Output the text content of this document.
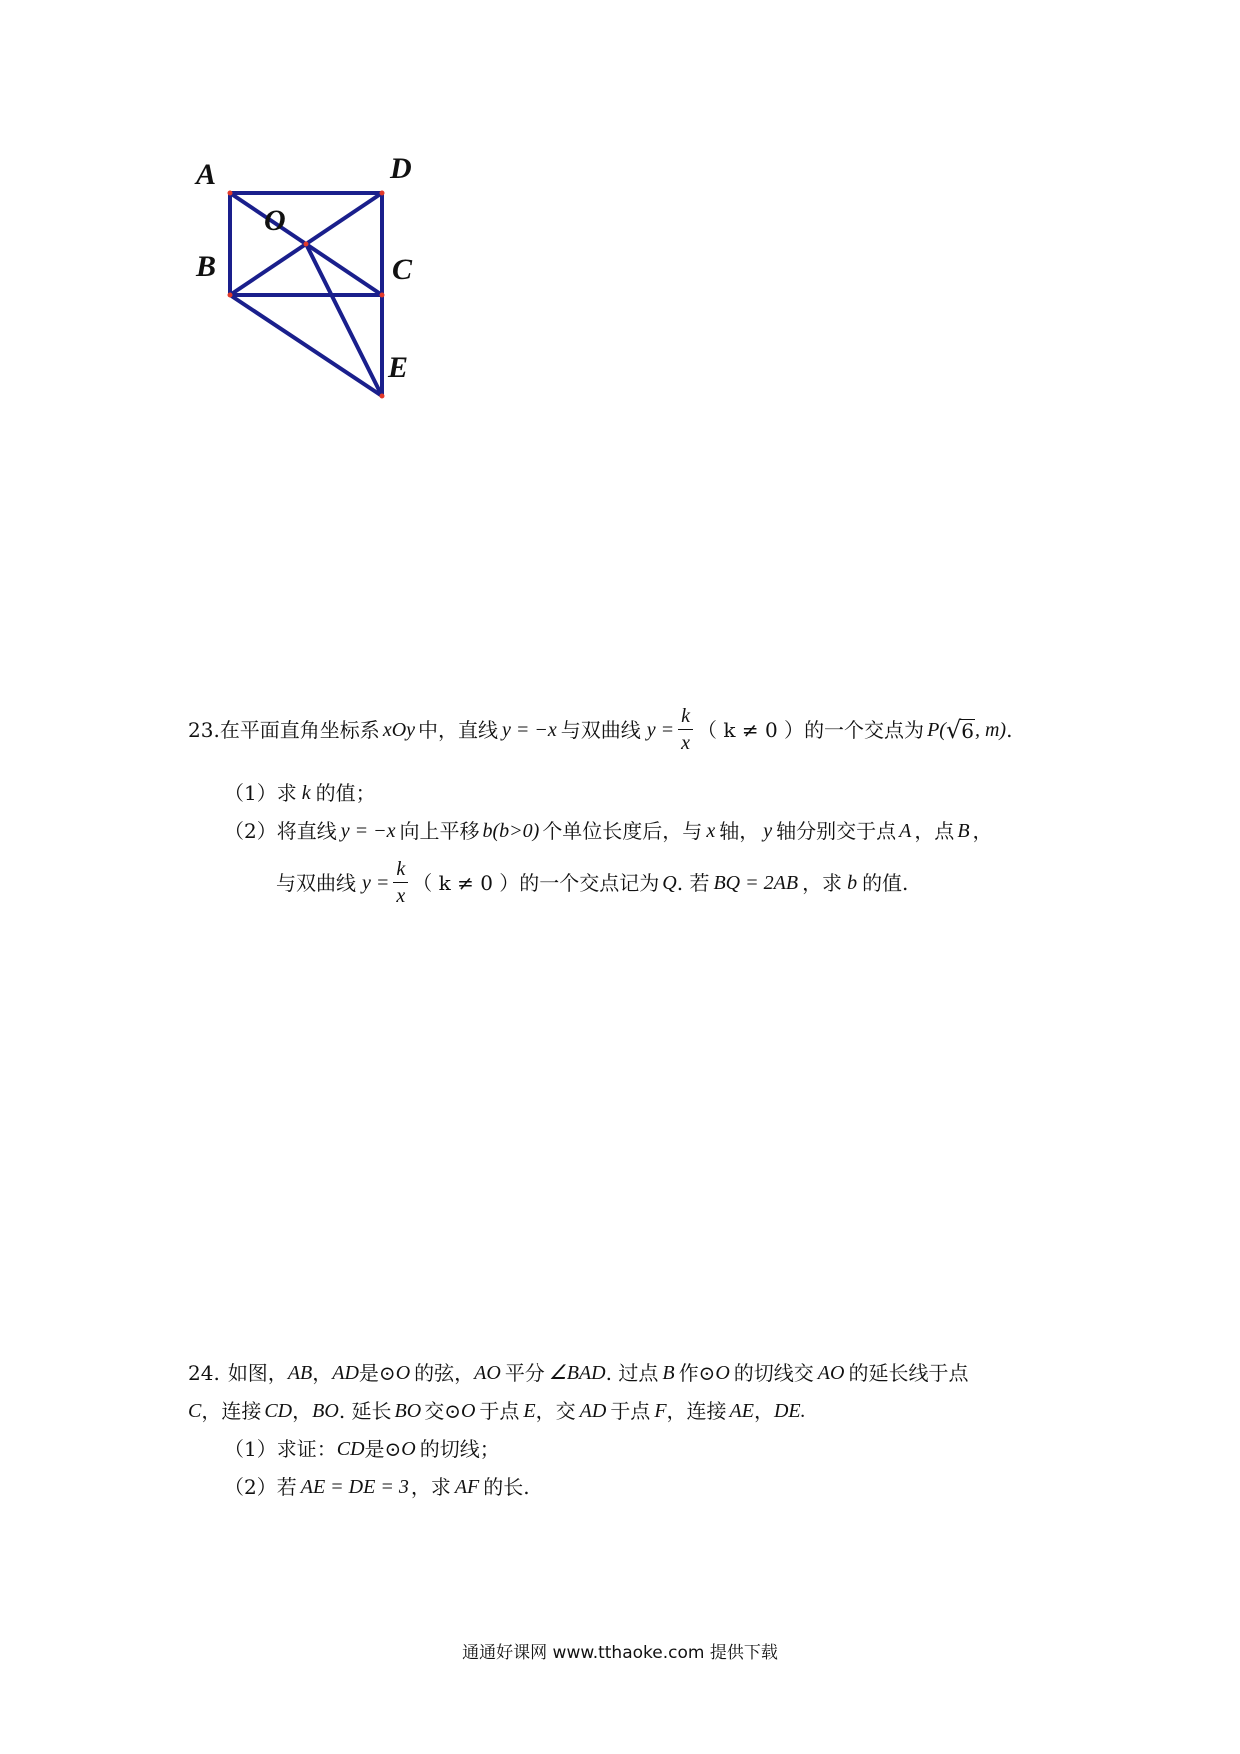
A	D
O
B	C
E
23. 在平面直角坐标系 xOy 中，直线 y = −x 与双曲线 $y = \frac{k}{x}$ （ k ≠ 0 ） 的一个交点为 P( √ 6 , m) .
（1） 求 k 的值；
（2） 将直线 y = −x 向上平移 b(b>0) 个单位长度后，与 x 轴， y 轴分别交于点 A ，点 B ，
与双曲线 $y = \frac{k}{x}$ （ k ≠ 0 ） 的一个交点记为 Q . 若 BQ = 2AB ，求 b 的值.
24. 如图， AB ， AD 是⊙ O 的弦， AO 平分 ∠BAD . 过点 B 作⊙ O 的切线交 AO 的延长线于点
C ，连接 CD ， BO . 延长 BO 交⊙ O 于点 E ，交 AD 于点 F ，连接 AE ， DE.
（1） 求证： CD 是⊙ O 的切线；
（2） 若 AE = DE = 3 ，求 AF 的长.
通通好课网 www.tthaoke.com 提供下载
